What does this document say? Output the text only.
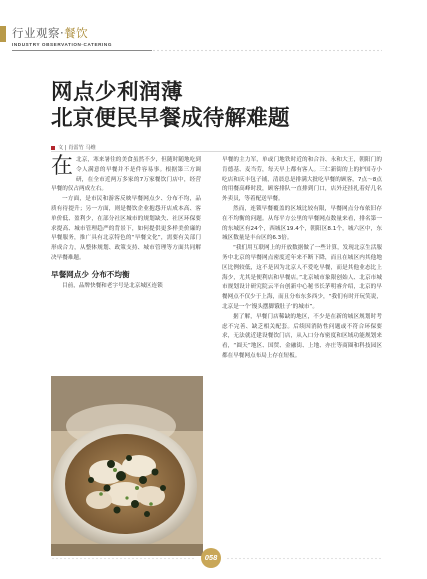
行业观察·餐饮
INDUSTRY OBSERVATION·CATERING
网点少利润薄
北京便民早餐成待解难题
文 | 肖雷竹 马维

在北京，寒来暑往的美食虽然不少，但随时随地吃到令人满意的早餐并不是件容易事。根据第三方调研，在全市近两万多家的7万家餐饮门店中，经营早餐的仅占两成左右。

一方面，是市民和游客反映早餐网点少、分布不均，品质有待提升；另一方面，则是餐饮企业抱怨开店成本高、客单价低、盈利少，在部分社区城市的规划缺失、社区环保要求提高、城市管理趋严的背景下，如何提供更多样美价廉的早餐服务，推广具有北京特色的“早餐文化”，需要有关部门形成合力，从整体规划、政策支持、城市管理等方面共同解决早餐难题。

早餐网点少 分布不均衡

目前，品牌快餐和老字号是北京城区连锁

早餐的主力军，单或门地铁时近的和合谷、永和大王，朝阳门的肯德基、麦当劳，每天早上都有客人。三仁新街的上的护国寺小吃店和庆丰包子铺，清晨总是排满大批吃早餐的顾客，7点～8点的用餐高峰时段，顾客排队一直排到门口，店外还挂扎着好几名外卖员，等着配送早餐。

然而，连锁早餐覆盖的区域比较有限，早餐网点分布依旧存在不均衡的问题。从每平方公里的早餐网点数量来看，排名第一的东城区有24个，西城区19.4个，朝阳区8.1个，城六区中，东城区数量是丰台区的6.3倍。

“我们用互联网上的开放数据做了一些计算，发现北京生活服务中北京的早餐网点密度近年来不断下降，而且在城区内其他地区比例较低，这不是因为北京人不爱吃早餐，而是其他业态比上海少，尤其是便利店和早餐店。”北京城市象限创始人、北京市城市规划设计研究院云平台创新中心秘书长茅明睿介绍，北京的早餐网点不仅少于上海，而且分布东多西少，“我们有时开玩笑说，北京是一个‘馒头摆脚饿肚子’的城市”。

据了解，早餐门店稀缺的地区，不少是在新的城区规划时考虑不完善、缺乏相关配套。后续因消防性问题或不符合环保要求，无法就近建设餐饮门店，从入口分布密度和区域功能规划来看，“圆天”地区、国贸、金融街、上地、亦庄等商圈和科技园区都在早餐网点布局上存在短板。

058
